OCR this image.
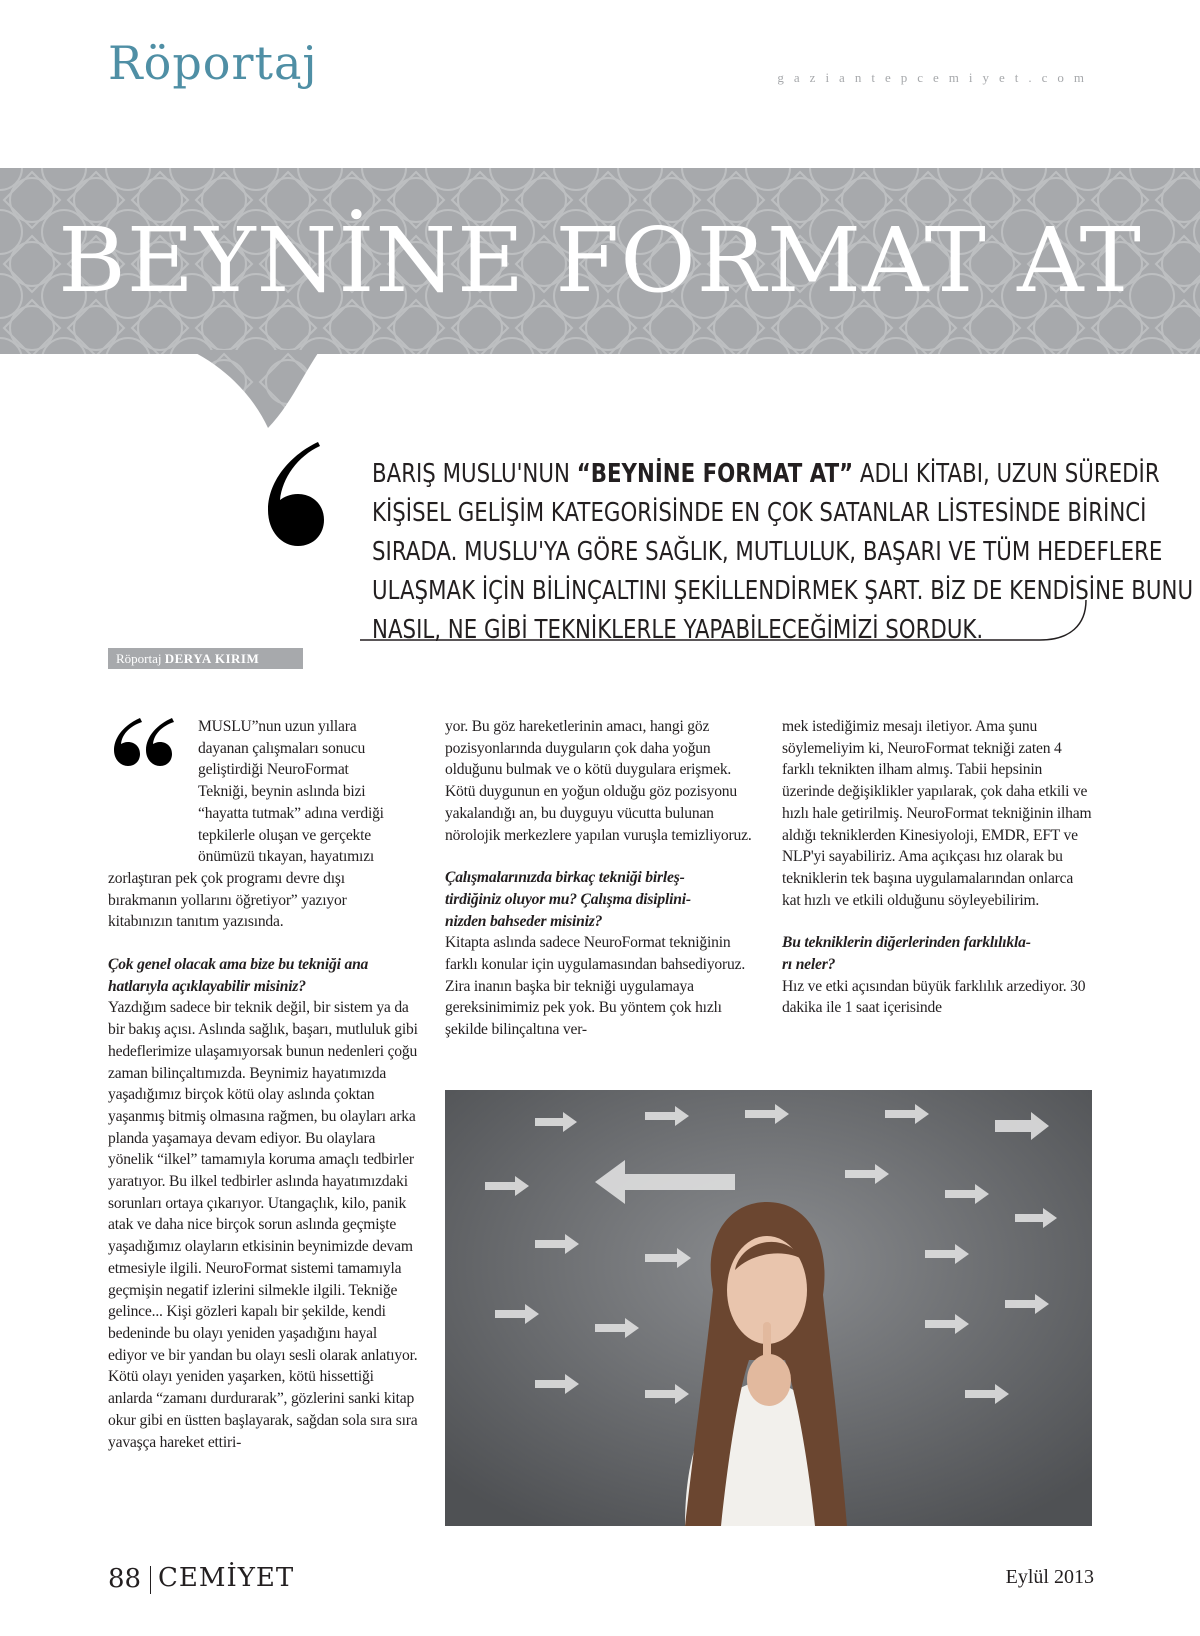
Röportaj	gaziantepcemiyet.com
BEYNİNE FORMAT AT
BARIŞ MUSLU'NUN “BEYNİNE FORMAT AT” ADLI KİTABI, UZUN SÜREDİR
KİŞİSEL GELİŞİM KATEGORİSİNDE EN ÇOK SATANLAR LİSTESİNDE BİRİNCİ
SIRADA. MUSLU'YA GÖRE SAĞLIK, MUTLULUK, BAŞARI VE TÜM HEDEFLERE
ULAŞMAK İÇİN BİLİNÇALTINI ŞEKİLLENDİRMEK ŞART. BİZ DE KENDİSİNE BUNU
NASIL, NE GİBİ TEKNİKLERLE YAPABİLECEĞİMİZİ SORDUK.
Röportaj DERYA KIRIM
MUSLU”nun uzun yıllara
dayanan çalışmaları sonucu
geliştirdiği NeuroFormat
Tekniği, beynin aslında bizi
“hayatta tutmak” adına verdiği
tepkilerle oluşan ve gerçekte
önümüzü tıkayan, hayatımızı
zorlaştıran pek çok programı devre dışı
bırakmanın yollarını öğretiyor” yazıyor
kitabınızın tanıtım yazısında.
Çok genel olacak ama bize bu tekniği ana
hatlarıyla açıklayabilir misiniz?

Yazdığım sadece bir teknik değil, bir sistem ya da bir bakış açısı. Aslında sağlık, başarı, mutluluk gibi hedeflerimize ulaşamıyorsak bunun nedenleri çoğu zaman bilinçaltımızda. Beynimiz hayatımızda yaşadığımız birçok kötü olay aslında çoktan yaşanmış bitmiş olmasına rağmen, bu olayları arka planda yaşamaya devam ediyor. Bu olaylara yönelik “ilkel” tamamıyla koruma amaçlı tedbirler yaratıyor. Bu ilkel tedbirler aslında hayatımızdaki sorunları ortaya çıkarıyor. Utangaçlık, kilo, panik atak ve daha nice birçok sorun aslında geçmişte yaşadığımız olayların etkisinin beynimizde devam etmesiyle ilgili. NeuroFormat sistemi tamamıyla geçmişin negatif izlerini silmekle ilgili. Tekniğe gelince... Kişi gözleri kapalı bir şekilde, kendi bedeninde bu olayı yeniden yaşadığını hayal ediyor ve bir yandan bu olayı sesli olarak anlatıyor. Kötü olayı yeniden yaşarken, kötü hissettiği anlarda “zamanı durdurarak”, gözlerini sanki kitap okur gibi en üstten başlayarak, sağdan sola sıra sıra yavaşça hareket ettiri-

yor. Bu göz hareketlerinin amacı, hangi göz pozisyonlarında duyguların çok daha yoğun olduğunu bulmak ve o kötü duygulara erişmek. Kötü duygunun en yoğun olduğu göz pozisyonu yakalandığı an, bu duyguyu vücutta bulunan nörolojik merkezlere yapılan vuruşla temizliyoruz.

Çalışmalarınızda birkaç tekniği birleş-
tirdiğiniz oluyor mu? Çalışma disiplini-
nizden bahseder misiniz?

Kitapta aslında sadece NeuroFormat tekniğinin farklı konular için uygulamasından bahsediyoruz. Zira inanın başka bir tekniği uygulamaya gereksinimimiz pek yok. Bu yöntem çok hızlı şekilde bilinçaltına ver-

mek istediğimiz mesajı iletiyor. Ama şunu söylemeliyim ki, NeuroFormat tekniği zaten 4 farklı teknikten ilham almış. Tabii hepsinin üzerinde değişiklikler yapılarak, çok daha etkili ve hızlı hale getirilmiş. NeuroFormat tekniğinin ilham aldığı tekniklerden Kinesiyoloji, EMDR, EFT ve NLP'yi sayabiliriz. Ama açıkçası hız olarak bu tekniklerin tek başına uygulamalarından onlarca kat hızlı ve etkili olduğunu söyleyebilirim.

Bu tekniklerin diğerlerinden farklılıkla-
rı neler?

Hız ve etki açısından büyük farklılık arzediyor. 30 dakika ile 1 saat içerisinde

88 CEMİYET	Eylül 2013
